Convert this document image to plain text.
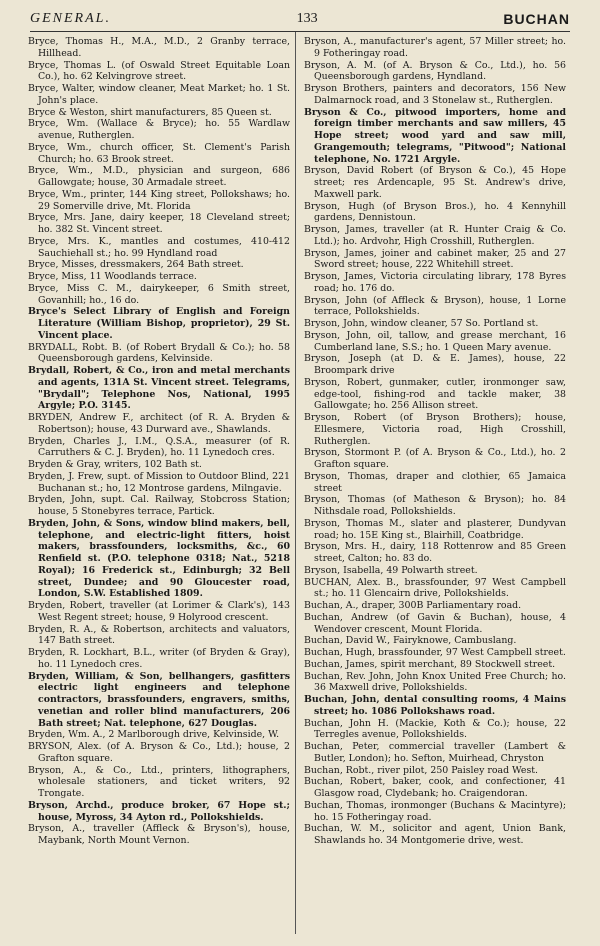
GENERAL.	133	BUCHAN

Bryce, Thomas H., M.A., M.D., 2 Granby terrace, Hillhead.

Bryce, Thomas L. (of Oswald Street Equitable Loan Co.), ho. 62 Kelvingrove street.

Bryce, Walter, window cleaner, Meat Market; ho. 1 St. John's place.

Bryce & Weston, shirt manufacturers, 85 Queen st.

Bryce, Wm. (Wallace & Bryce); ho. 55 Wardlaw avenue, Rutherglen.

Bryce, Wm., church officer, St. Clement's Parish Church; ho. 63 Brook street.

Bryce, Wm., M.D., physician and surgeon, 686 Gallowgate; house, 30 Armadale street.

Bryce, Wm., printer, 144 King street, Pollokshaws; ho. 29 Somerville drive, Mt. Florida

Bryce, Mrs. Jane, dairy keeper, 18 Cleveland street; ho. 382 St. Vincent street.

Bryce, Mrs. K., mantles and costumes, 410-412 Sauchiehall st.; ho. 99 Hyndland road

Bryce, Misses, dressmakers, 264 Bath street.

Bryce, Miss, 11 Woodlands terrace.

Bryce, Miss C. M., dairykeeper, 6 Smith street, Govanhill; ho., 16 do.

Bryce's Select Library of English and Foreign Literature (William Bishop, proprietor), 29 St. Vincent place.

BRYDALL, Robt. B. (of Robert Brydall & Co.); ho. 58 Queensborough gardens, Kelvinside.

Brydall, Robert, & Co., iron and metal merchants and agents, 131A St. Vincent street. Telegrams, "Brydall"; Telephone Nos, National, 1995 Argyle; P.O. 3145.

BRYDEN, Andrew F., architect (of R. A. Bryden & Robertson); house, 43 Durward ave., Shawlands.

Bryden, Charles J., I.M., Q.S.A., measurer (of R. Carruthers & C. J. Bryden), ho. 11 Lynedoch cres.

Bryden & Gray, writers, 102 Bath st.

Bryden, J. Frew, supt. of Mission to Outdoor Blind, 221 Buchanan st.; ho, 12 Montrose gardens, Milngavie.

Bryden, John, supt. Cal. Railway, Stobcross Station; house, 5 Stonebyres terrace, Partick.

Bryden, John, & Sons, window blind makers, bell, telephone, and electric-light fitters, hoist makers, brassfounders, locksmiths, &c., 60 Renfield st. (P.O. telephone 0318; Nat., 5218 Royal); 16 Frederick st., Edinburgh; 32 Bell street, Dundee; and 90 Gloucester road, London, S.W. Established 1809.

Bryden, Robert, traveller (at Lorimer & Clark's), 143 West Regent street; house, 9 Holyrood crescent.

Bryden, R. A., & Robertson, architects and valuators, 147 Bath street.

Bryden, R. Lockhart, B.L., writer (of Bryden & Gray), ho. 11 Lynedoch cres.

Bryden, William, & Son, bellhangers, gasfitters electric light engineers and telephone contractors, brassfounders, engravers, smiths, venetian and roller blind manufacturers, 206 Bath street; Nat. telephone, 627 Douglas.

Bryden, Wm. A., 2 Marlborough drive, Kelvinside, W.

BRYSON, Alex. (of A. Bryson & Co., Ltd.); house, 2 Grafton square.

Bryson, A., & Co., Ltd., printers, lithographers, wholesale stationers, and ticket writers, 92 Trongate.

Bryson, Archd., produce broker, 67 Hope st.; house, Myross, 34 Ayton rd., Pollokshields.

Bryson, A., traveller (Affleck & Bryson's), house, Maybank, North Mount Vernon.

Bryson, A., manufacturer's agent, 57 Miller street; ho. 9 Fotheringay road.

Bryson, A. M. (of A. Bryson & Co., Ltd.), ho. 56 Queensborough gardens, Hyndland.

Bryson Brothers, painters and decorators, 156 New Dalmarnock road, and 3 Stonelaw st., Rutherglen.

Bryson & Co., pitwood importers, home and foreign timber merchants and saw millers, 45 Hope street; wood yard and saw mill, Grangemouth; telegrams, "Pitwood"; National telephone, No. 1721 Argyle.

Bryson, David Robert (of Bryson & Co.), 45 Hope street; res Ardencaple, 95 St. Andrew's drive, Maxwell park.

Bryson, Hugh (of Bryson Bros.), ho. 4 Kennyhill gardens, Dennistoun.

Bryson, James, traveller (at R. Hunter Craig & Co. Ltd.); ho. Ardvohr, High Crosshill, Rutherglen.

Bryson, James, joiner and cabinet maker, 25 and 27 Sword street; house, 222 Whitehill street.

Bryson, James, Victoria circulating library, 178 Byres road; ho. 176 do.

Bryson, John (of Affleck & Bryson), house, 1 Lorne terrace, Pollokshields.

Bryson, John, window cleaner, 57 So. Portland st.

Bryson, John, oil, tallow, and grease merchant, 16 Cumberland lane, S.S.; ho. 1 Queen Mary avenue.

Bryson, Joseph (at D. & E. James), house, 22 Broompark drive

Bryson, Robert, gunmaker, cutler, ironmonger saw, edge-tool, fishing-rod and tackle maker, 38 Gallowgate; ho. 256 Allison street.

Bryson, Robert (of Bryson Brothers); house, Ellesmere, Victoria road, High Crosshill, Rutherglen.

Bryson, Stormont P. (of A. Bryson & Co., Ltd.), ho. 2 Grafton square.

Bryson, Thomas, draper and clothier, 65 Jamaica street

Bryson, Thomas (of Matheson & Bryson); ho. 84 Nithsdale road, Pollokshields.

Bryson, Thomas M., slater and plasterer, Dundyvan road; ho. 15E King st., Blairhill, Coatbridge.

Bryson, Mrs. H., dairy, 118 Rottenrow and 85 Green street, Calton; ho. 83 do.

Bryson, Isabella, 49 Polwarth street.

BUCHAN, Alex. B., brassfounder, 97 West Campbell st.; ho. 11 Glencairn drive, Pollokshields.

Buchan, A., draper, 300B Parliamentary road.

Buchan, Andrew (of Gavin & Buchan), house, 4 Wendover crescent, Mount Florida.

Buchan, David W., Fairyknowe, Cambuslang.

Buchan, Hugh, brassfounder, 97 West Campbell street.

Buchan, James, spirit merchant, 89 Stockwell street.

Buchan, Rev. John, John Knox United Free Church; ho. 36 Maxwell drive, Pollokshields.

Buchan, John, dental consulting rooms, 4 Mains street; ho. 1086 Pollokshaws road.

Buchan, John H. (Mackie, Koth & Co.); house, 22 Terregles avenue, Pollokshields.

Buchan, Peter, commercial traveller (Lambert & Butler, London); ho. Sefton, Muirhead, Chryston

Buchan, Robt., river pilot, 250 Paisley road West.

Buchan, Robert, baker, cook, and confectioner, 41 Glasgow road, Clydebank; ho. Craigendoran.

Buchan, Thomas, ironmonger (Buchans & Macintyre); ho. 15 Fotheringay road.

Buchan, W. M., solicitor and agent, Union Bank, Shawlands ho. 34 Montgomerie drive, west.
